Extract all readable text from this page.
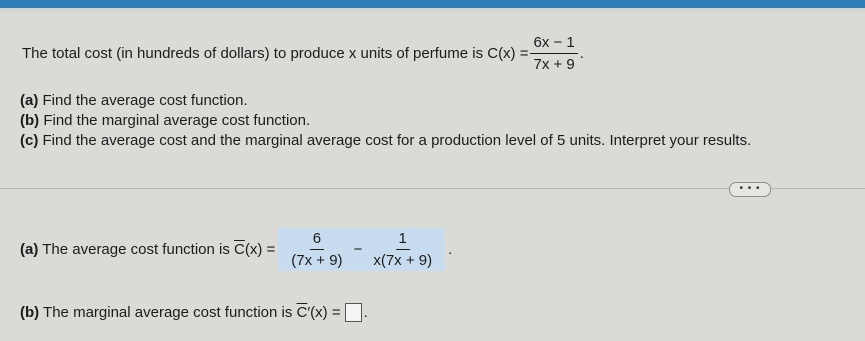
The total cost (in hundreds of dollars) to produce x units of perfume is $C(x) = \frac{6x - 1}{7x + 9}$ .
(a) Find the average cost function.
(b) Find the marginal average cost function.
(c) Find the average cost and the marginal average cost for a production level of 5 units. Interpret your results.
• • •
(a) The average cost function is $\overline{C}$ $(x) = \frac{6}{(7x + 9)} - \frac{1}{x(7x + 9)}$ .
(b) The marginal average cost function is $\overline{C}$ ′(x) = .
